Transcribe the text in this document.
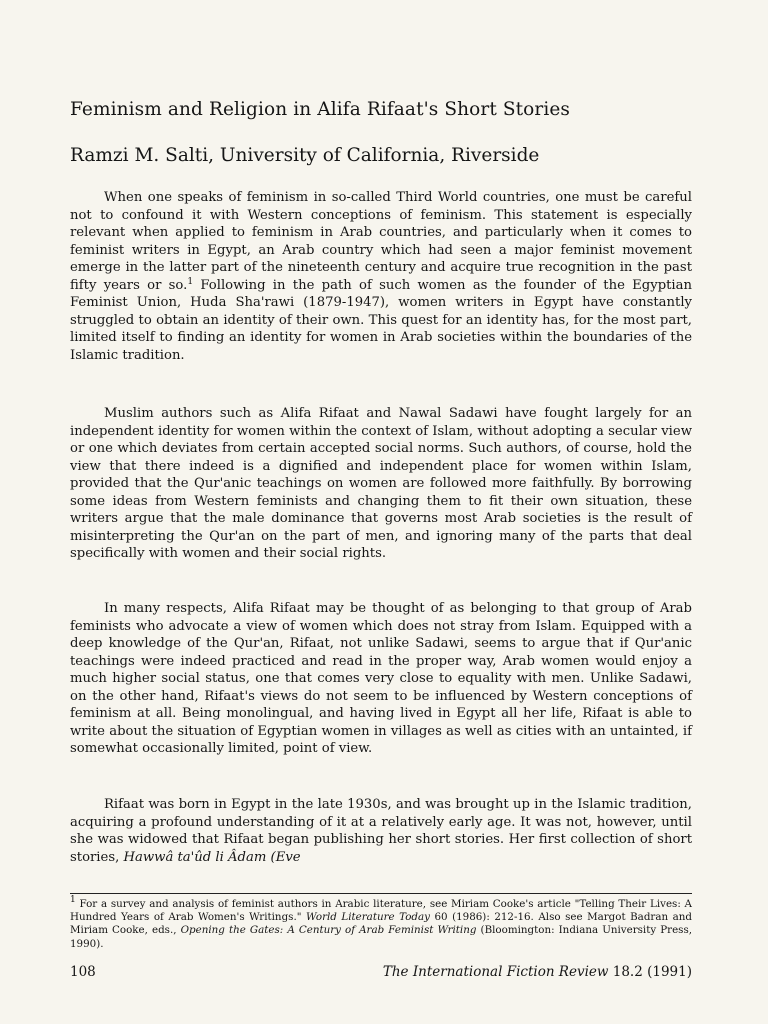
Feminism and Religion in Alifa Rifaat's Short Stories
Ramzi M. Salti, University of California, Riverside

When one speaks of feminism in so-called Third World countries, one must be careful not to confound it with Western conceptions of feminism. This statement is especially relevant when applied to feminism in Arab countries, and particularly when it comes to feminist writers in Egypt, an Arab country which had seen a major feminist movement emerge in the latter part of the nineteenth century and acquire true recognition in the past fifty years or so.$^1$ Following in the path of such women as the founder of the Egyptian Feminist Union, Huda Sha'rawi (1879-1947), women writers in Egypt have constantly struggled to obtain an identity of their own. This quest for an identity has, for the most part, limited itself to finding an identity for women in Arab societies within the boundaries of the Islamic tradition.

Muslim authors such as Alifa Rifaat and Nawal Sadawi have fought largely for an independent identity for women within the context of Islam, without adopting a secular view or one which deviates from certain accepted social norms. Such authors, of course, hold the view that there indeed is a dignified and independent place for women within Islam, provided that the Qur'anic teachings on women are followed more faithfully. By borrowing some ideas from Western feminists and changing them to fit their own situation, these writers argue that the male dominance that governs most Arab societies is the result of misinterpreting the Qur'an on the part of men, and ignoring many of the parts that deal specifically with women and their social rights.

In many respects, Alifa Rifaat may be thought of as belonging to that group of Arab feminists who advocate a view of women which does not stray from Islam. Equipped with a deep knowledge of the Qur'an, Rifaat, not unlike Sadawi, seems to argue that if Qur'anic teachings were indeed practiced and read in the proper way, Arab women would enjoy a much higher social status, one that comes very close to equality with men. Unlike Sadawi, on the other hand, Rifaat's views do not seem to be influenced by Western conceptions of feminism at all. Being monolingual, and having lived in Egypt all her life, Rifaat is able to write about the situation of Egyptian women in villages as well as cities with an untainted, if somewhat occasionally limited, point of view.

Rifaat was born in Egypt in the late 1930s, and was brought up in the Islamic tradition, acquiring a profound understanding of it at a relatively early age. It was not, however, until she was widowed that Rifaat began publishing her short stories. Her first collection of short stories, Hawwâ ta'ûd li Âdam (Eve

$^1$ For a survey and analysis of feminist authors in Arabic literature, see Miriam Cooke's article "Telling Their Lives: A Hundred Years of Arab Women's Writings." World Literature Today 60 (1986): 212-16. Also see Margot Badran and Miriam Cooke, eds., Opening the Gates: A Century of Arab Feminist Writing (Bloomington: Indiana University Press, 1990).

108	The International Fiction Review 18.2 (1991)
